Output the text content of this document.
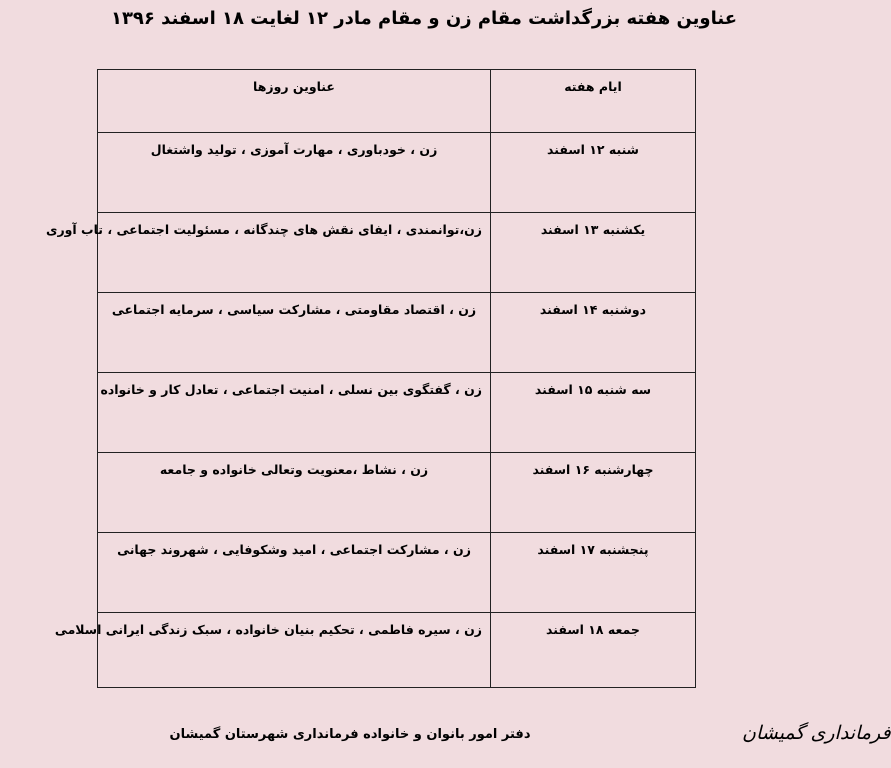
عناوین هفته بزرگداشت مقام زن و مقام مادر ۱۲ لغایت ۱۸ اسفند ۱۳۹۶
ایام هفته	عناوین روزها
شنبه ۱۲ اسفند	زن ، خودباوری ، مهارت آموزی ، تولید واشتغال
یکشنبه ۱۳ اسفند	زن،توانمندی ، ایفای نقش های چندگانه ، مسئولیت اجتماعی ، تاب آوری
دوشنبه ۱۴ اسفند	زن ، اقتصاد مقاومتی ، مشارکت سیاسی ، سرمایه اجتماعی
سه شنبه ۱۵ اسفند	زن ، گفتگوی بین نسلی ، امنیت اجتماعی ، تعادل کار و خانواده
چهارشنبه ۱۶ اسفند	زن ، نشاط ،معنویت وتعالی خانواده و جامعه
پنجشنبه ۱۷ اسفند	زن ، مشارکت اجتماعی ، امید وشکوفایی ، شهروند جهانی
جمعه ۱۸ اسفند	زن ، سیره فاطمی ، تحکیم بنیان خانواده ، سبک زندگی ایرانی اسلامی
دفتر امور بانوان و خانواده فرمانداری شهرستان گمیشان	فرمانداری گمیشان
